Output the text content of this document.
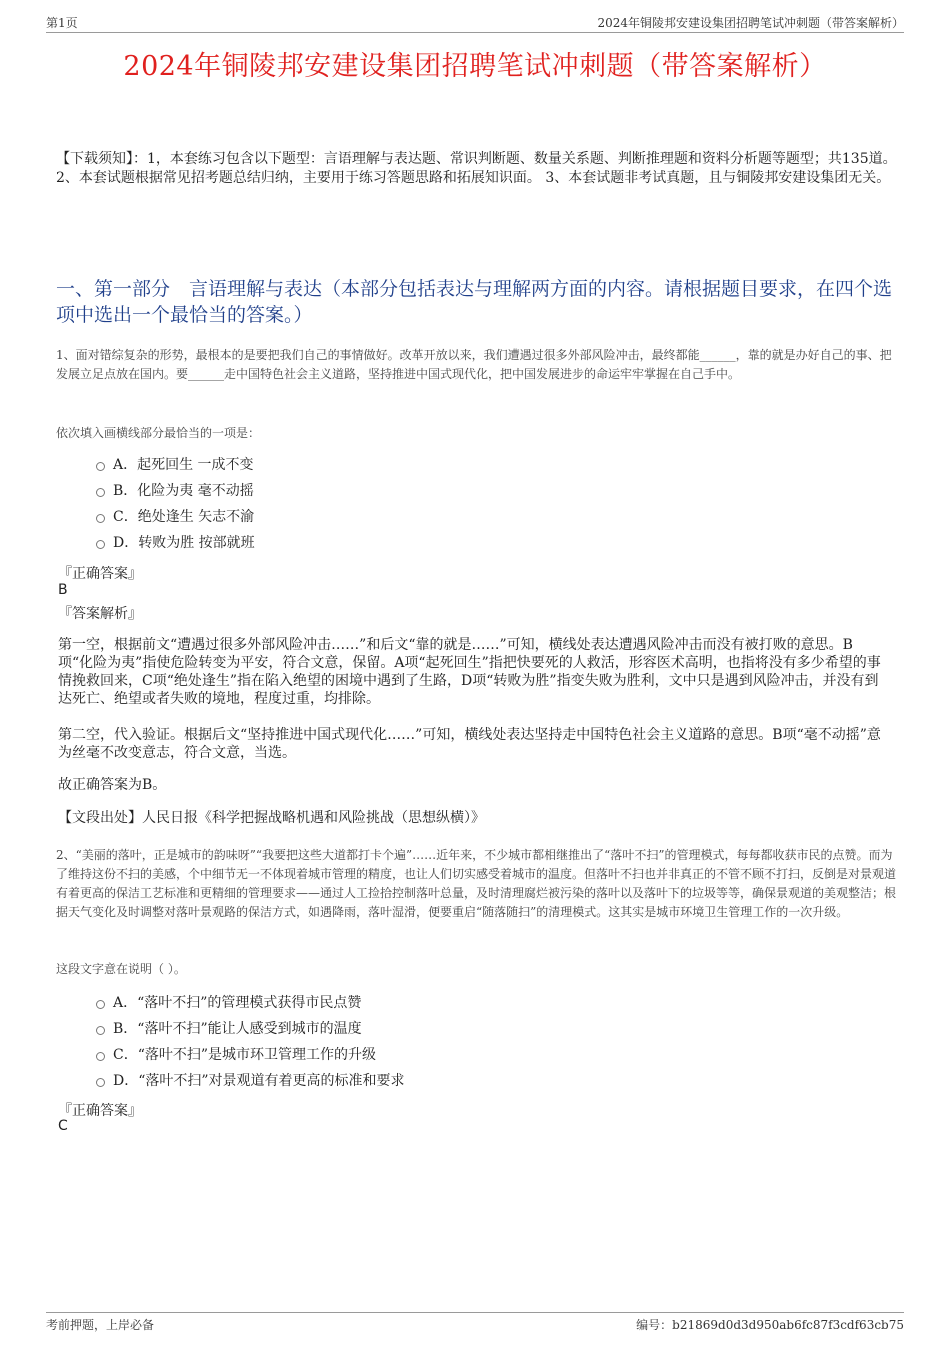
第1页	2024年铜陵邦安建设集团招聘笔试冲刺题（带答案解析）
2024年铜陵邦安建设集团招聘笔试冲刺题（带答案解析）
【下载须知】：1，本套练习包含以下题型：言语理解与表达题、常识判断题、数量关系题、判断推理题和资料分析题等题型；共135道。 2、本套试题根据常见招考题总结归纳，主要用于练习答题思路和拓展知识面。 3、本套试题非考试真题，且与铜陵邦安建设集团无关。
一、第一部分　言语理解与表达（本部分包括表达与理解两方面的内容。请根据题目要求，在四个选项中选出一个最恰当的答案。）
1、面对错综复杂的形势，最根本的是要把我们自己的事情做好。改革开放以来，我们遭遇过很多外部风险冲击，最终都能______，靠的就是办好自己的事、把发展立足点放在国内。要______走中国特色社会主义道路，坚持推进中国式现代化，把中国发展进步的命运牢牢掌握在自己手中。
依次填入画横线部分最恰当的一项是：
A．起死回生 一成不变
B．化险为夷 毫不动摇
C．绝处逢生 矢志不渝
D．转败为胜 按部就班
『正确答案』
B
『答案解析』
第一空，根据前文“遭遇过很多外部风险冲击……”和后文“靠的就是……”可知，横线处表达遭遇风险冲击而没有被打败的意思。B项“化险为夷”指使危险转变为平安，符合文意，保留。A项“起死回生”指把快要死的人救活，形容医术高明，也指将没有多少希望的事情挽救回来，C项“绝处逢生”指在陷入绝望的困境中遇到了生路，D项“转败为胜”指变失败为胜利，文中只是遇到风险冲击，并没有到达死亡、绝望或者失败的境地，程度过重，均排除。
第二空，代入验证。根据后文“坚持推进中国式现代化……”可知，横线处表达坚持走中国特色社会主义道路的意思。B项“毫不动摇”意为丝毫不改变意志，符合文意，当选。
故正确答案为B。
【文段出处】人民日报《科学把握战略机遇和风险挑战（思想纵横）》
2、“美丽的落叶，正是城市的韵味呀”“我要把这些大道都打卡个遍”……近年来，不少城市都相继推出了“落叶不扫”的管理模式，每每都收获市民的点赞。而为了维持这份不扫的美感，个中细节无一不体现着城市管理的精度，也让人们切实感受着城市的温度。但落叶不扫也并非真正的不管不顾不打扫，反倒是对景观道有着更高的保洁工艺标准和更精细的管理要求——通过人工捡拾控制落叶总量，及时清理腐烂被污染的落叶以及落叶下的垃圾等等，确保景观道的美观整洁；根据天气变化及时调整对落叶景观路的保洁方式，如遇降雨，落叶湿滑，便要重启“随落随扫”的清理模式。这其实是城市环境卫生管理工作的一次升级。
这段文字意在说明（ ）。
A．“落叶不扫”的管理模式获得市民点赞
B．“落叶不扫”能让人感受到城市的温度
C．“落叶不扫”是城市环卫管理工作的升级
D．“落叶不扫”对景观道有着更高的标准和要求
『正确答案』
C
考前押题，上岸必备	编号：b21869d0d3d950ab6fc87f3cdf63cb75
